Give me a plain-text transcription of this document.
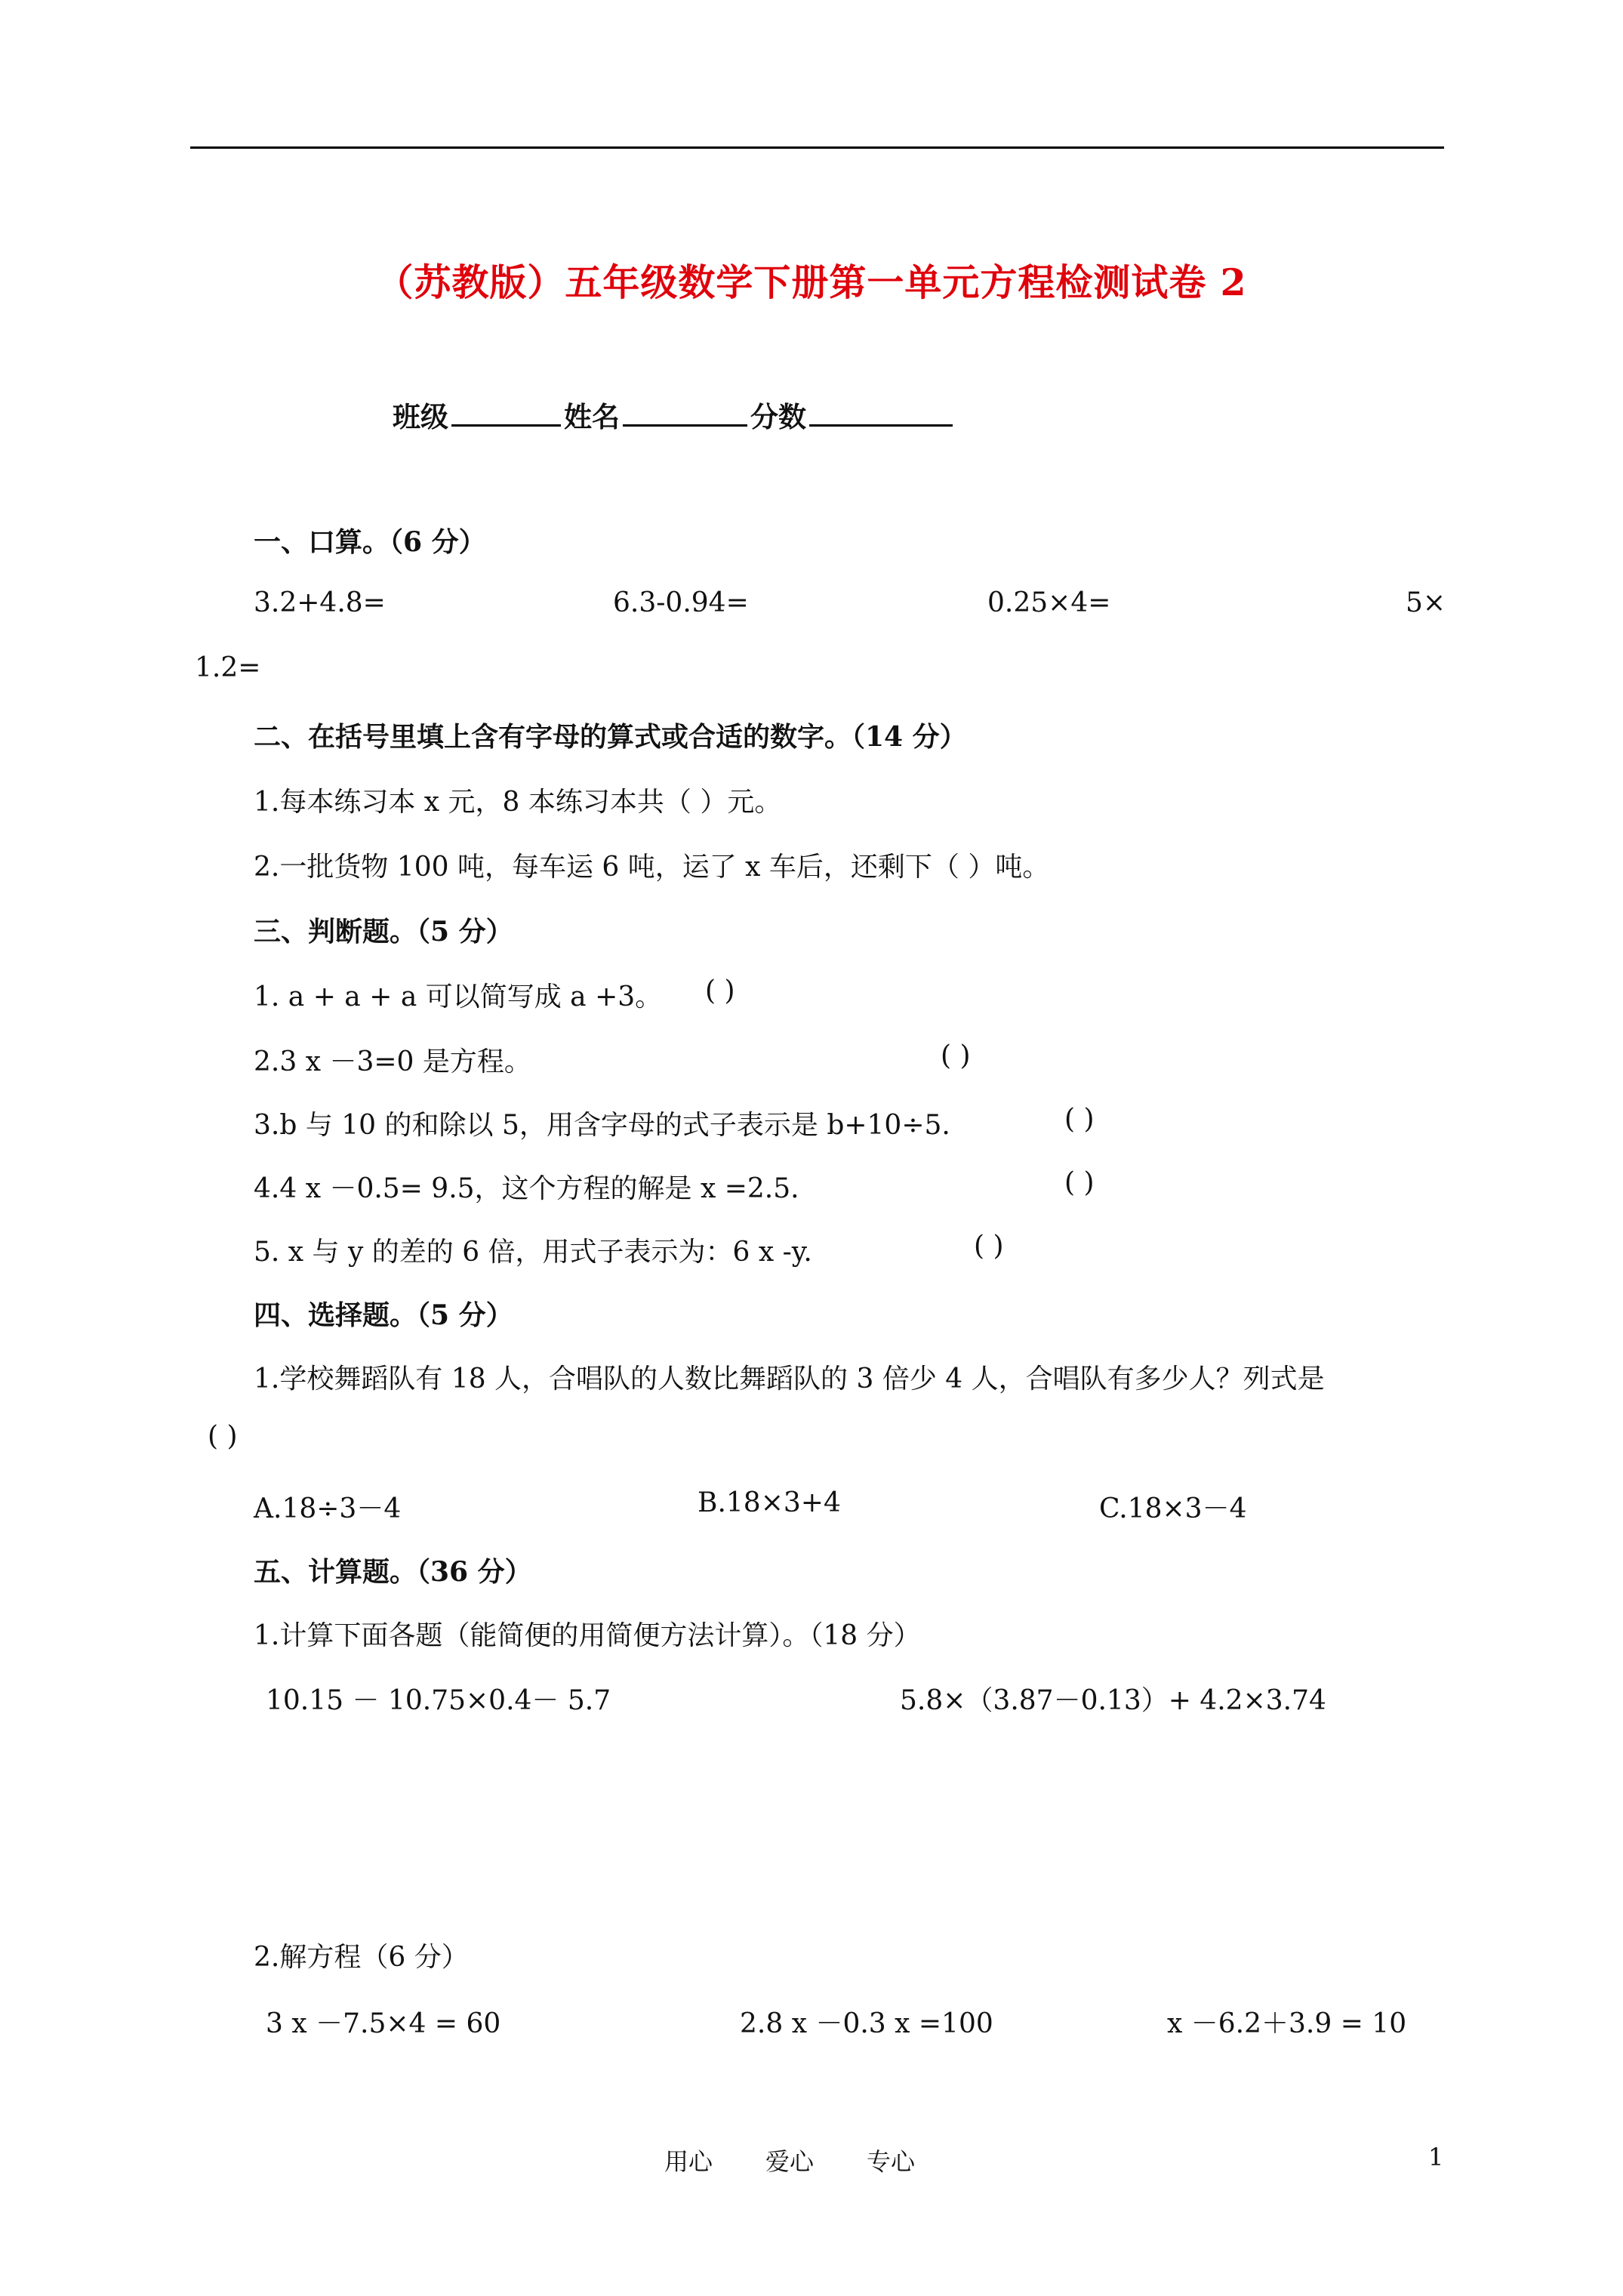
（苏教版）五年级数学下册第一单元方程检测试卷 2
班级	姓名	分数
一、口算。（6 分）
3.2+4.8=	6.3-0.94=	0.25×4=	5×
1.2=
二、在括号里填上含有字母的算式或合适的数字。（14 分）
1.每本练习本 x 元，8 本练习本共（ ）元。
2.一批货物 100 吨，每车运 6 吨，运了 x 车后，还剩下（ ）吨。
三、判断题。（5 分）
1. a + a + a 可以简写成 a +3。 ( )
2.3 x －3=0 是方程。	( )
3.b 与 10 的和除以 5，用含字母的式子表示是 b+10÷5.	( )
4.4 x －0.5= 9.5，这个方程的解是 x =2.5.	( )
5. x 与 y 的差的 6 倍，用式子表示为：6 x -y.	( )
四、选择题。（5 分）
1.学校舞蹈队有 18 人，合唱队的人数比舞蹈队的 3 倍少 4 人，合唱队有多少人？列式是
( )
A.18÷3－4	B.18×3+4	C.18×3－4
五、计算题。（36 分）
1.计算下面各题（能简便的用简便方法计算）。（18 分）
10.15 － 10.75×0.4－ 5.7	5.8×（3.87－0.13）+ 4.2×3.74
2.解方程（6 分）
3 x －7.5×4 = 60	2.8 x －0.3 x =100	x －6.2＋3.9 = 10
用心 爱心 专心	1
